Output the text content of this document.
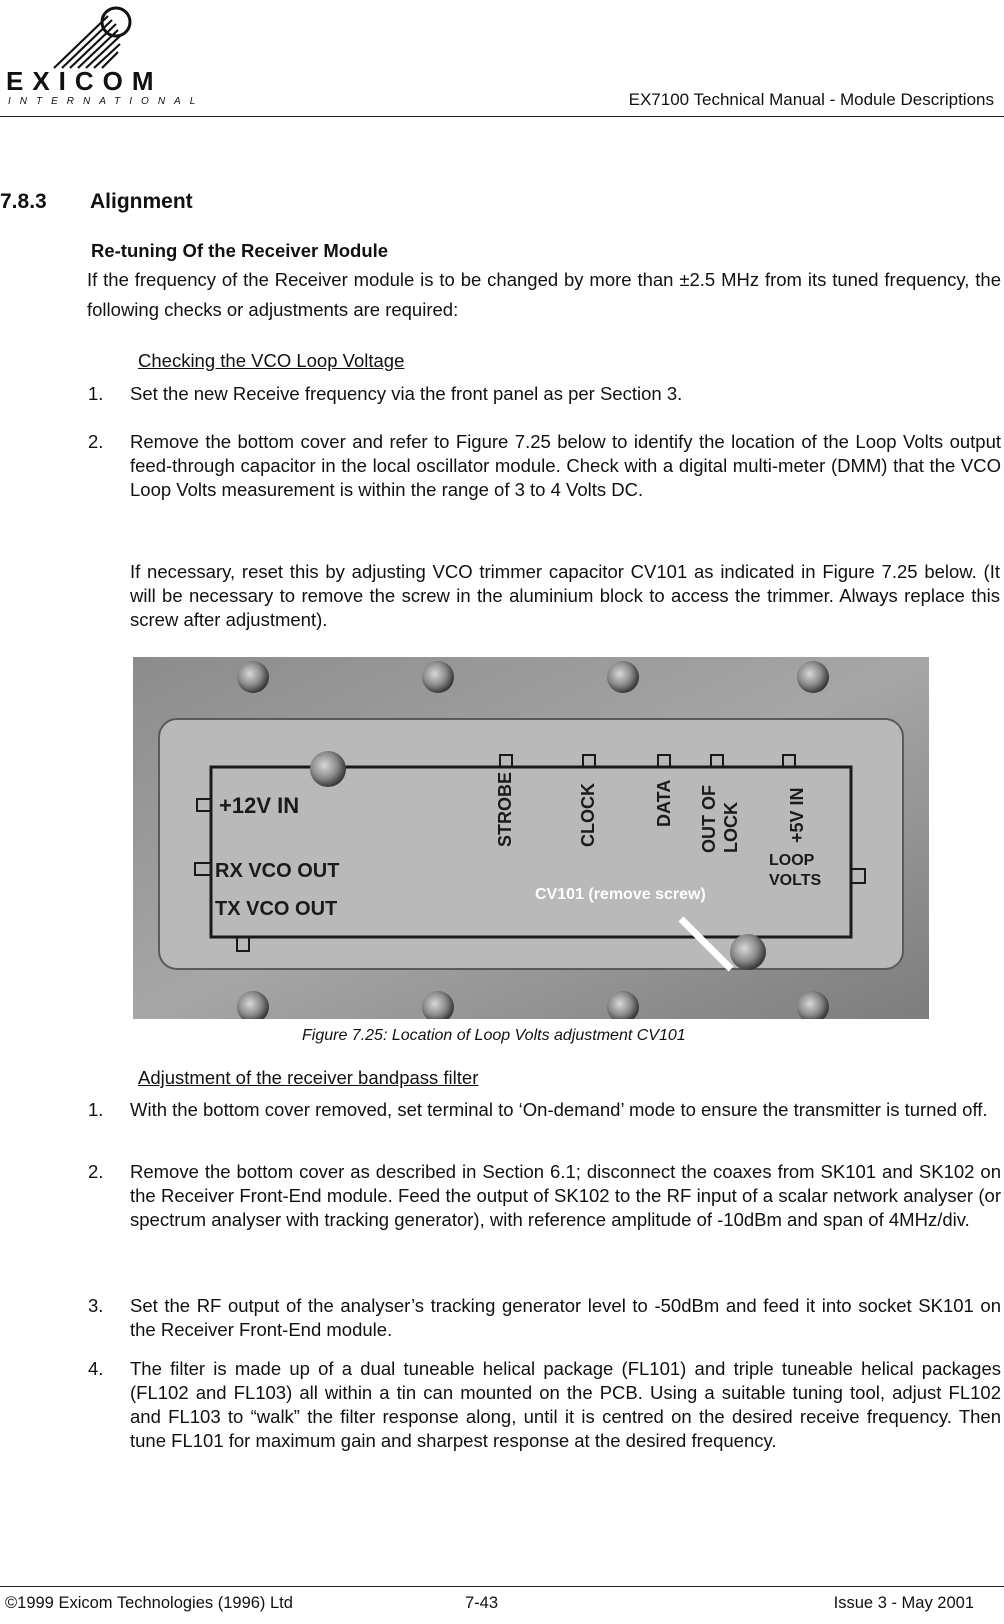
EXICOM
INTERNATIONAL	EX7100 Technical Manual - Module Descriptions
7.8.3 Alignment
Re-tuning Of the Receiver Module
If the frequency of the Receiver module is to be changed by more than ±2.5 MHz from its tuned frequency, the following checks or adjustments are required:
Checking the VCO Loop Voltage
1. Set the new Receive frequency via the front panel as per Section 3.
2. Remove the bottom cover and refer to Figure 7.25 below to identify the location of the Loop Volts output feed-through capacitor in the local oscillator module. Check with a digital multi-meter (DMM) that the VCO Loop Volts measurement is within the range of 3 to 4 Volts DC.
If necessary, reset this by adjusting VCO trimmer capacitor CV101 as indicated in Figure 7.25 below. (It will be necessary to remove the screw in the aluminium block to access the trimmer. Always replace this screw after adjustment).
+12V IN
RX VCO OUT
TX VCO OUT
STROBE	CLOCK	DATA OUT OF LOCK	+5V IN
LOOP
VOLTS
CV101 (remove screw)
Figure 7.25: Location of Loop Volts adjustment CV101
Adjustment of the receiver bandpass filter
1. With the bottom cover removed, set terminal to ‘On-demand’ mode to ensure the transmitter is turned off.
2. Remove the bottom cover as described in Section 6.1; disconnect the coaxes from SK101 and SK102 on the Receiver Front-End module. Feed the output of SK102 to the RF input of a scalar network analyser (or spectrum analyser with tracking generator), with reference amplitude of -10dBm and span of 4MHz/div.
3. Set the RF output of the analyser’s tracking generator level to -50dBm and feed it into socket SK101 on the Receiver Front-End module.
4. The filter is made up of a dual tuneable helical package (FL101) and triple tuneable helical packages (FL102 and FL103) all within a tin can mounted on the PCB. Using a suitable tuning tool, adjust FL102 and FL103 to “walk” the filter response along, until it is centred on the desired receive frequency. Then tune FL101 for maximum gain and sharpest response at the desired frequency.
©1999 Exicom Technologies (1996) Ltd	7-43	Issue 3 - May 2001
